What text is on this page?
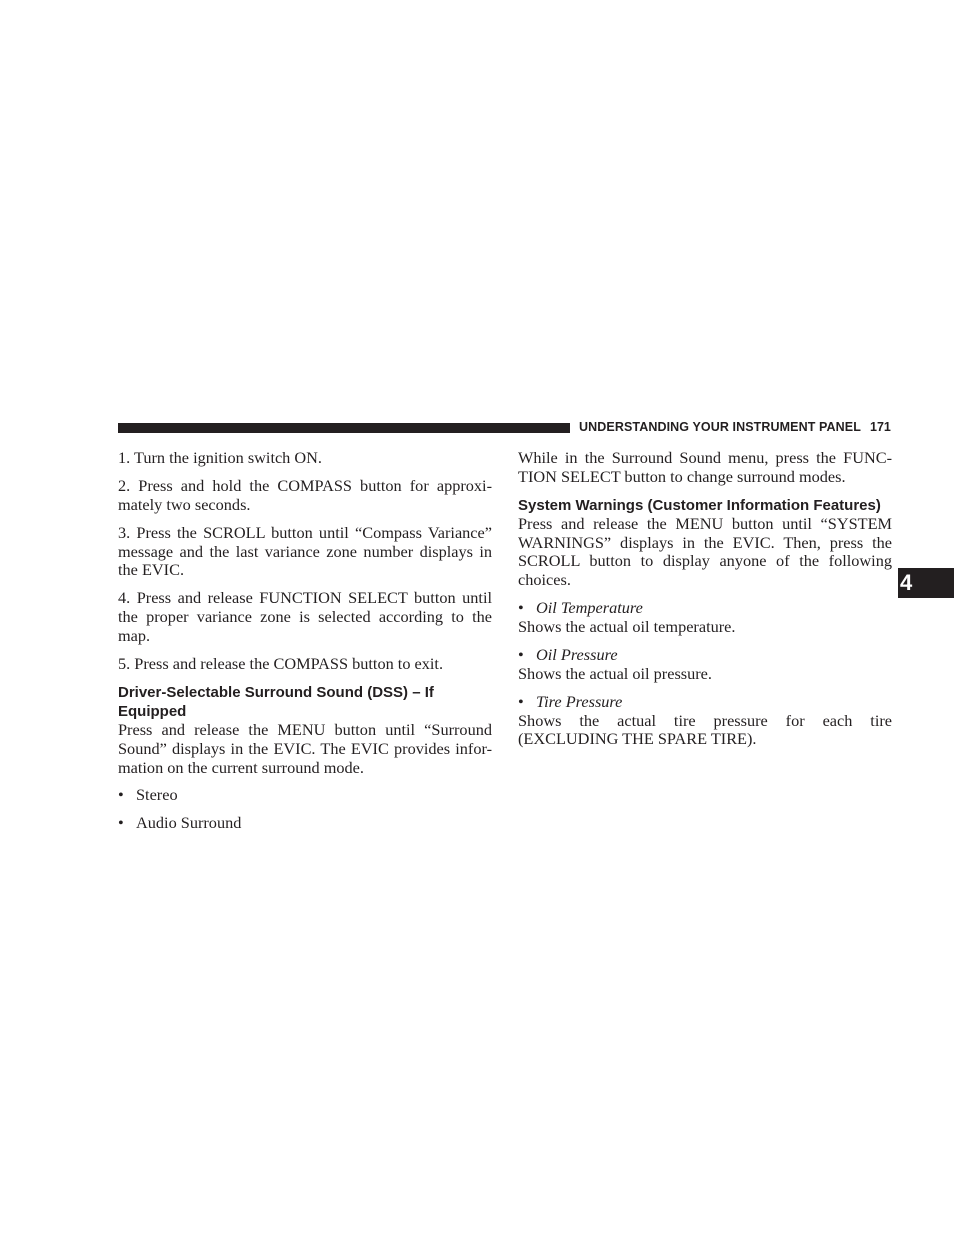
UNDERSTANDING YOUR INSTRUMENT PANEL 171
4

1. Turn the ignition switch ON.

2. Press and hold the COMPASS button for approxi-mately two seconds.

3. Press the SCROLL button until “Compass Variance” message and the last variance zone number displays in the EVIC.

4. Press and release FUNCTION SELECT button until the proper variance zone is selected according to the map.

5. Press and release the COMPASS button to exit.

Driver-Selectable Surround Sound (DSS) – If Equipped

Press and release the MENU button until “Surround Sound” displays in the EVIC. The EVIC provides infor-mation on the current surround mode.

• Stereo
• Audio Surround

While in the Surround Sound menu, press the FUNC-TION SELECT button to change surround modes.

System Warnings (Customer Information Features)

Press and release the MENU button until “SYSTEM WARNINGS” displays in the EVIC. Then, press the SCROLL button to display anyone of the following choices.

• Oil Temperature

Shows the actual oil temperature.

• Oil Pressure

Shows the actual oil pressure.

• Tire Pressure

Shows the actual tire pressure for each tire (EXCLUDING THE SPARE TIRE).
